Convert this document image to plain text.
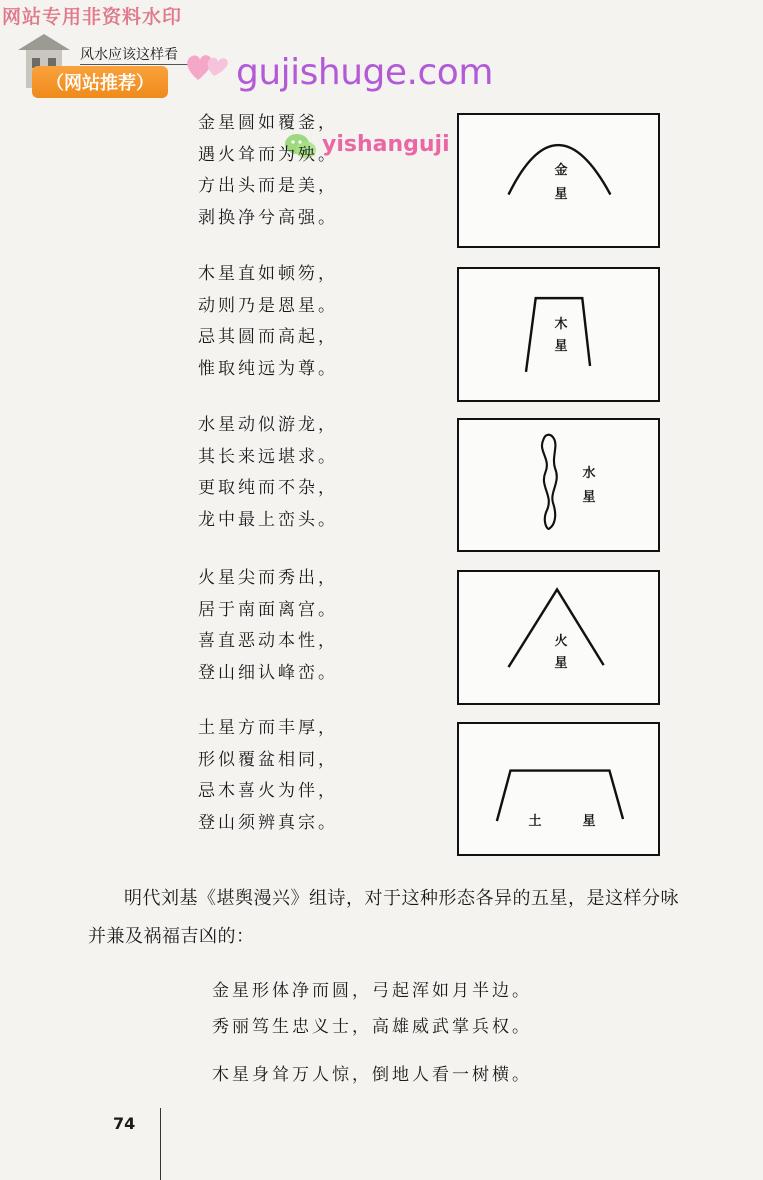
网站专用非资料水印
风水应该这样看
（网站推荐）	gujishuge.com
yishanguji
金星圆如覆釜，
遇火耸而为殃。
方出头而是美，
剥换净兮高强。
木星直如顿笏，
动则乃是恩星。
忌其圆而高起，
惟取纯远为尊。
水星动似游龙，
其长来远堪求。
更取纯而不杂，
龙中最上峦头。
火星尖而秀出，
居于南面离宫。
喜直恶动本性，
登山细认峰峦。
土星方而丰厚，
形似覆盆相同，
忌木喜火为伴，
登山须辨真宗。
金
星
木
星
水
星
火
星
土	星
明代刘基《堪舆漫兴》组诗，对于这种形态各异的五星，是这样分咏并兼及祸福吉凶的：
金星形体净而圆，弓起浑如月半边。
秀丽笃生忠义士，高雄威武掌兵权。
木星身耸万人惊，倒地人看一树横。
74
